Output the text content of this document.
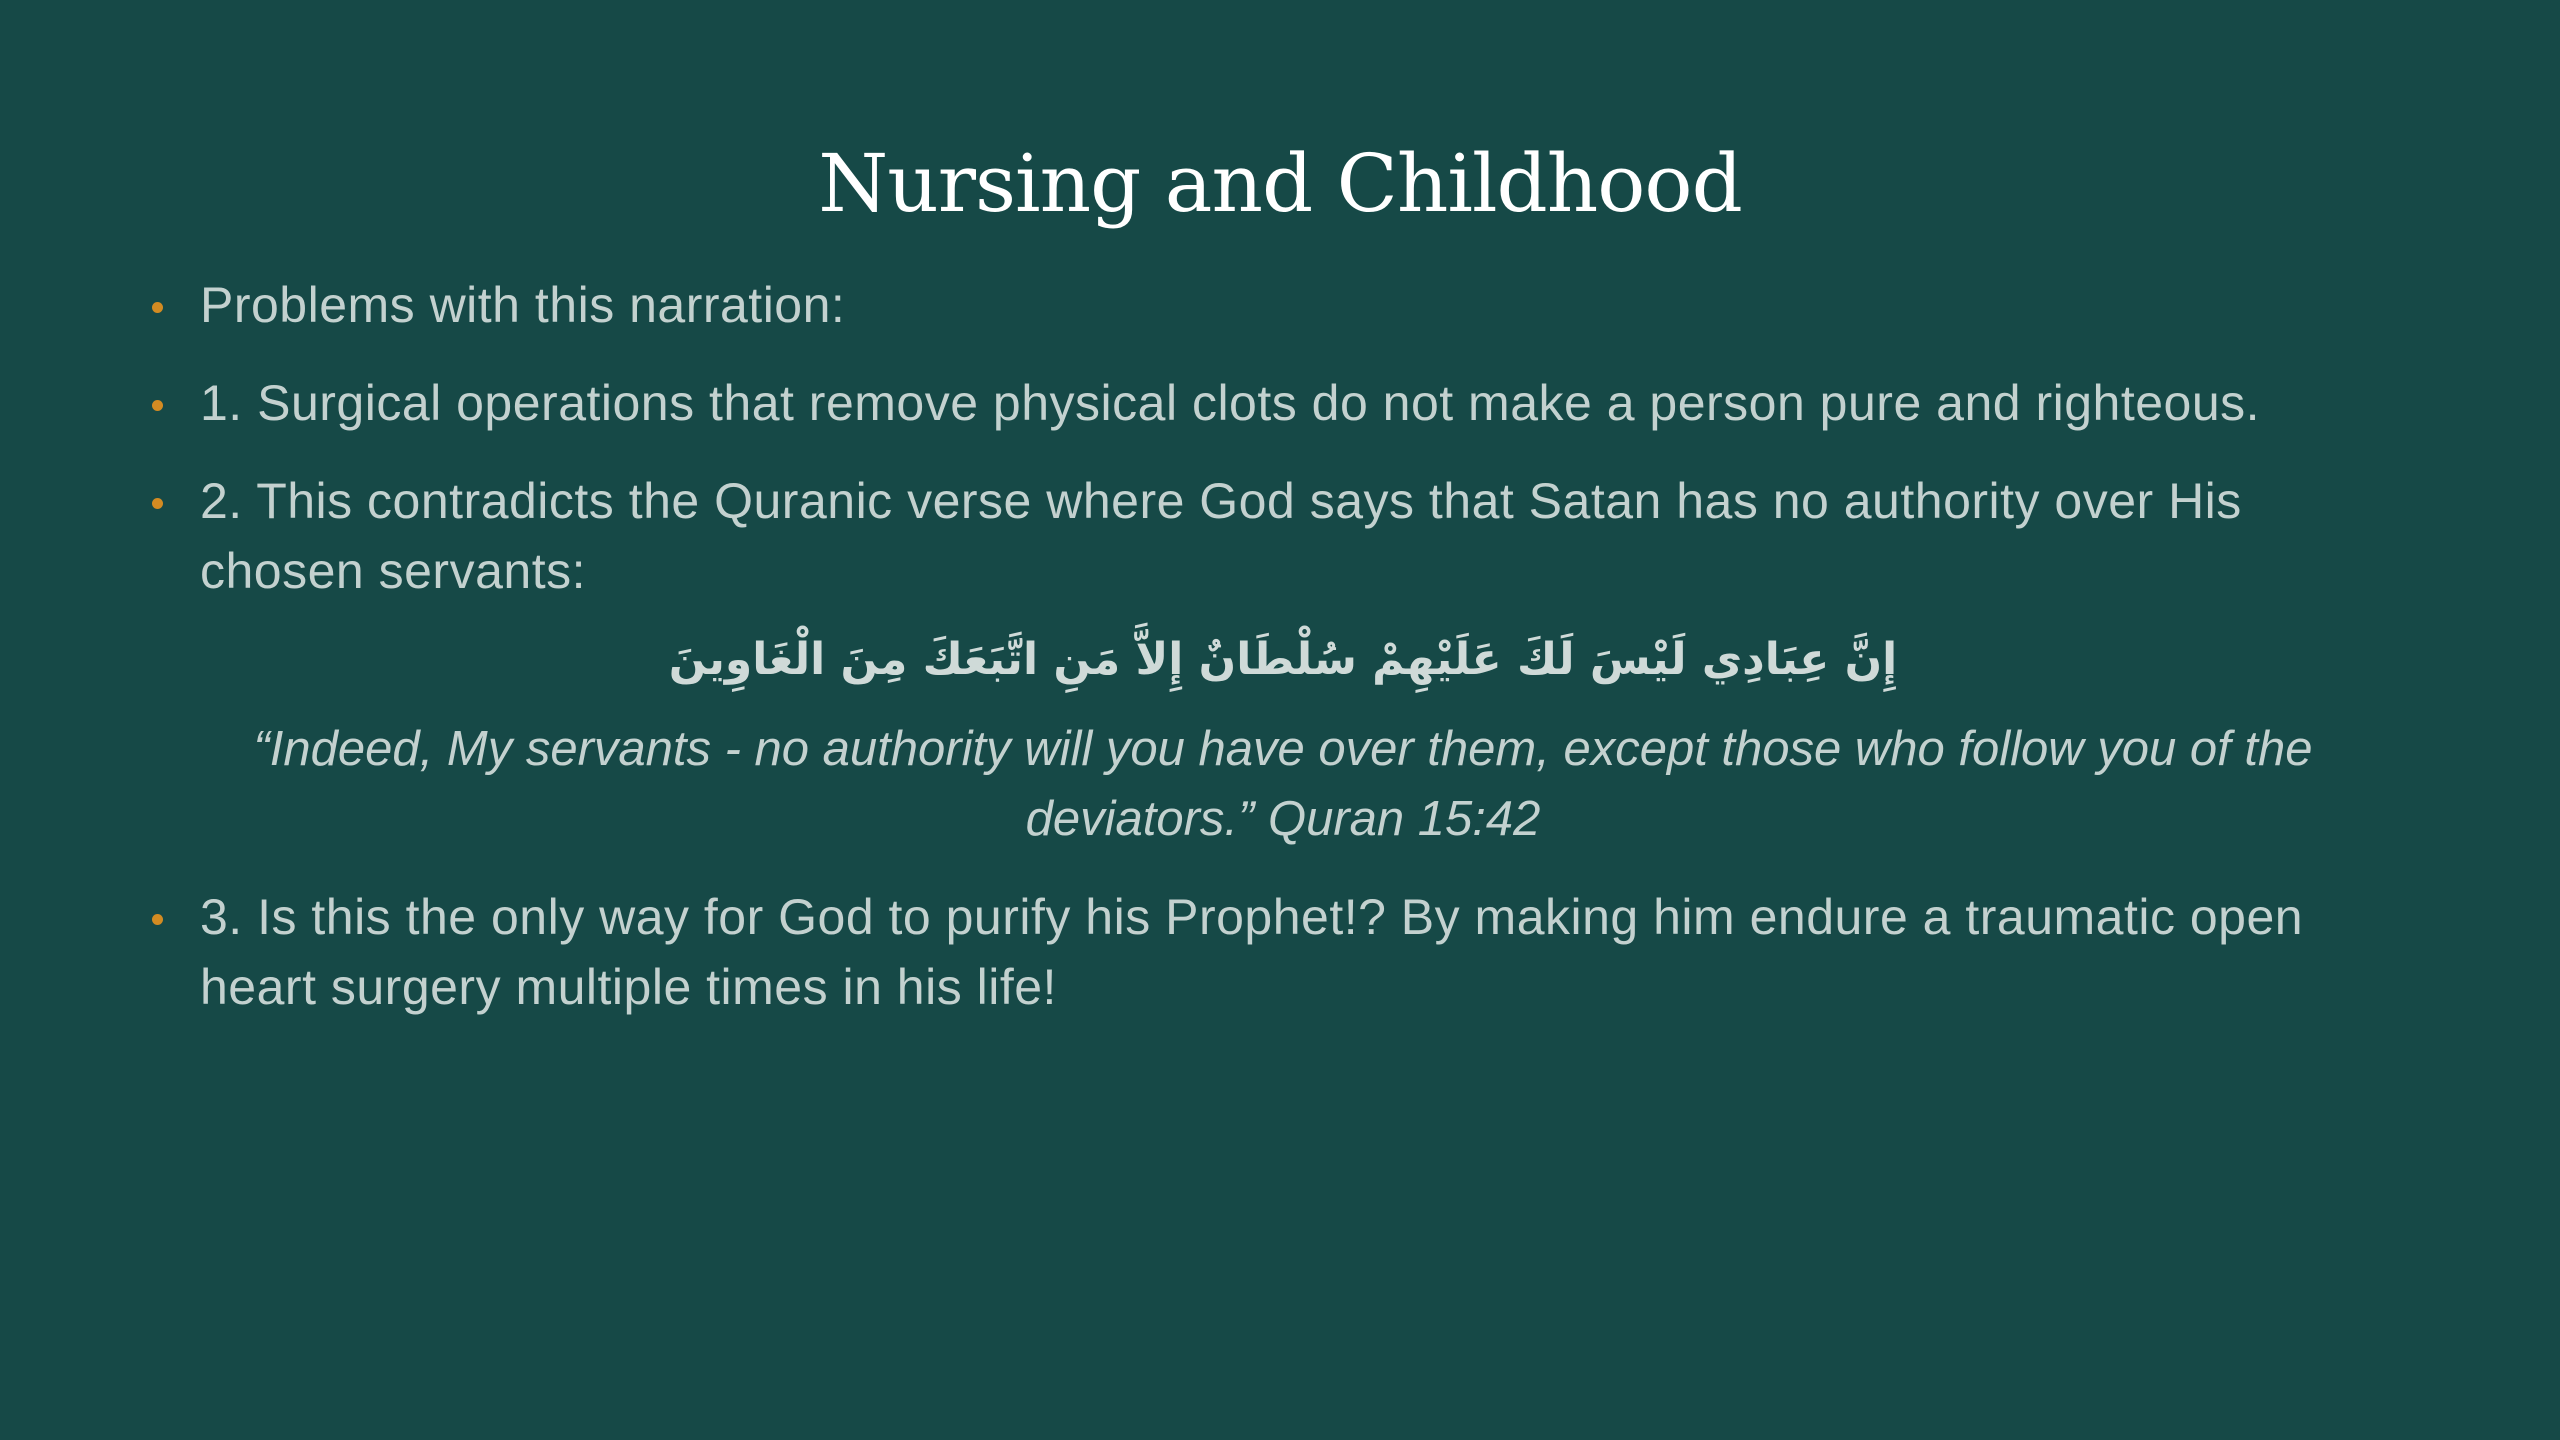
Nursing and Childhood
Problems with this narration:
1. Surgical operations that remove physical clots do not make a person pure and righteous.
2. This contradicts the Quranic verse where God says that Satan has no authority over His chosen servants:
إِنَّ عِبَادِي لَيْسَ لَكَ عَلَيْهِمْ سُلْطَانٌ إِلاَّ مَنِ اتَّبَعَكَ مِنَ الْغَاوِينَ
“Indeed, My servants - no authority will you have over them, except those who follow you of the deviators.” Quran 15:42
3. Is this the only way for God to purify his Prophet!? By making him endure a traumatic open heart surgery multiple times in his life!
